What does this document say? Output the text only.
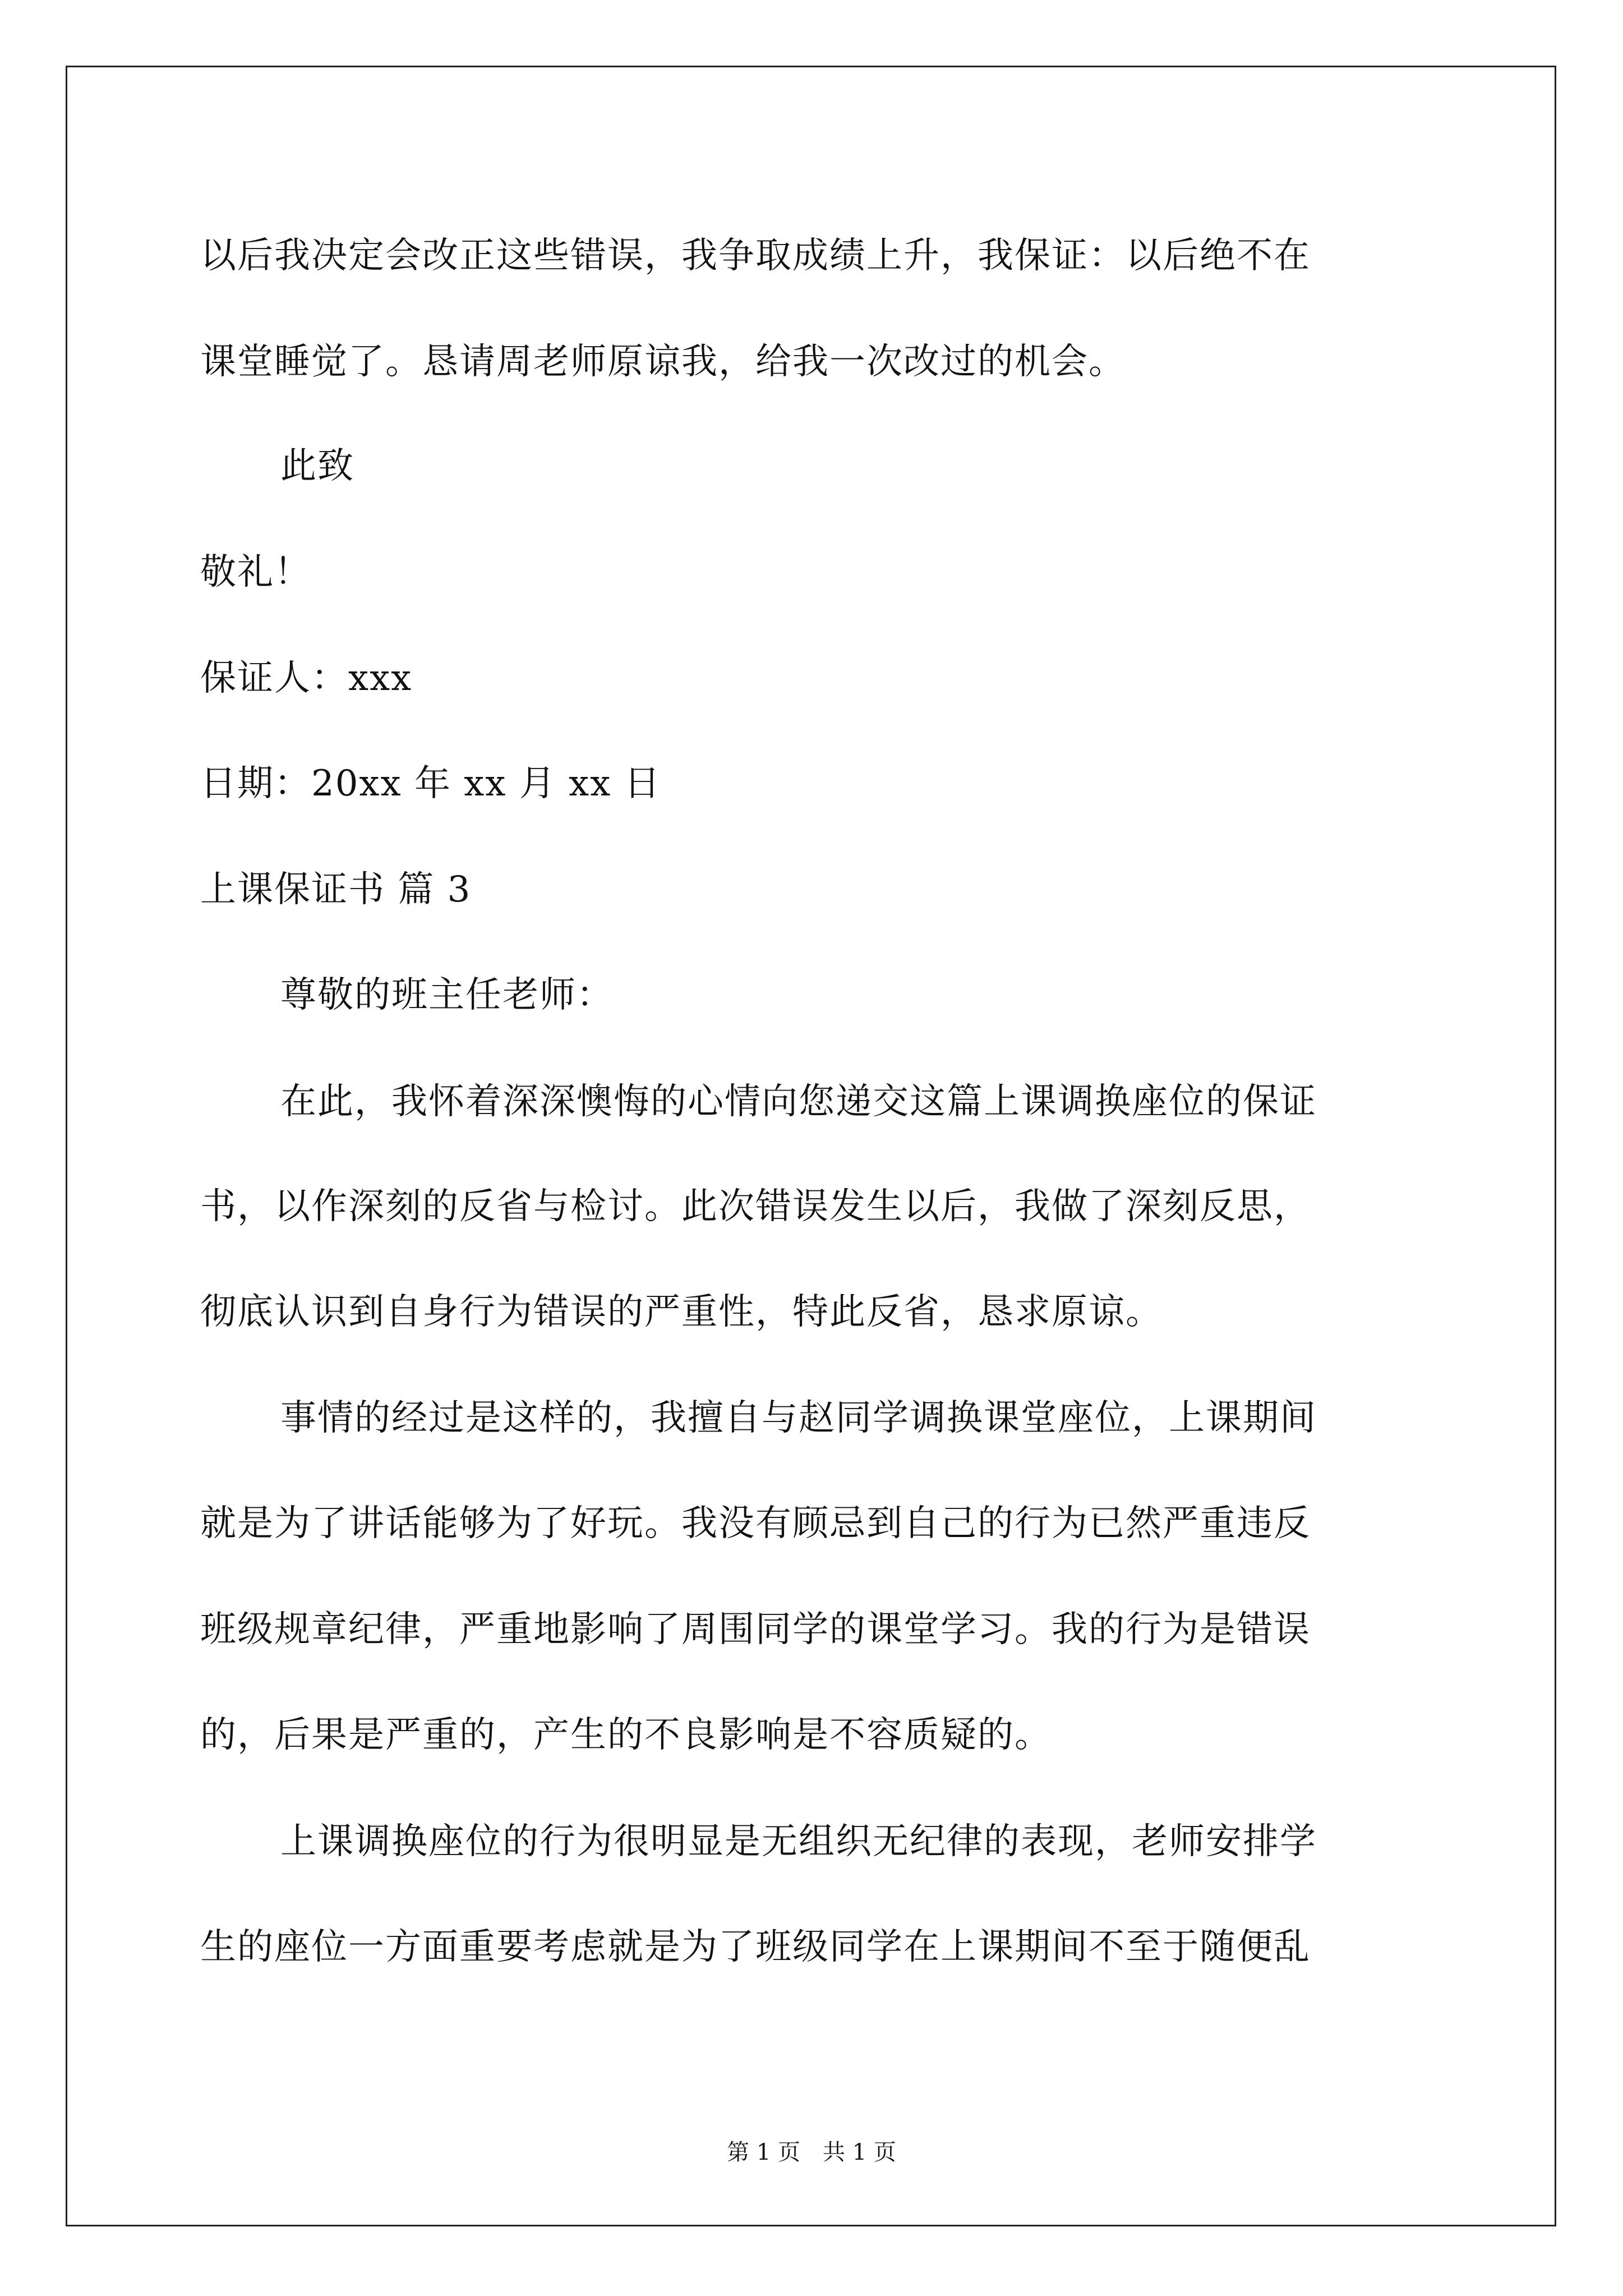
以后我决定会改正这些错误，我争取成绩上升，我保证：以后绝不在
课堂睡觉了。恳请周老师原谅我，给我一次改过的机会。
此致
敬礼！
保证人：xxx
日期：20xx 年 xx 月 xx 日
上课保证书 篇 3
尊敬的班主任老师：
在此，我怀着深深懊悔的心情向您递交这篇上课调换座位的保证
书，以作深刻的反省与检讨。此次错误发生以后，我做了深刻反思，
彻底认识到自身行为错误的严重性，特此反省，恳求原谅。
事情的经过是这样的，我擅自与赵同学调换课堂座位，上课期间
就是为了讲话能够为了好玩。我没有顾忌到自己的行为已然严重违反
班级规章纪律，严重地影响了周围同学的课堂学习。我的行为是错误
的，后果是严重的，产生的不良影响是不容质疑的。
上课调换座位的行为很明显是无组织无纪律的表现，老师安排学
生的座位一方面重要考虑就是为了班级同学在上课期间不至于随便乱
第 1 页　共 1 页
